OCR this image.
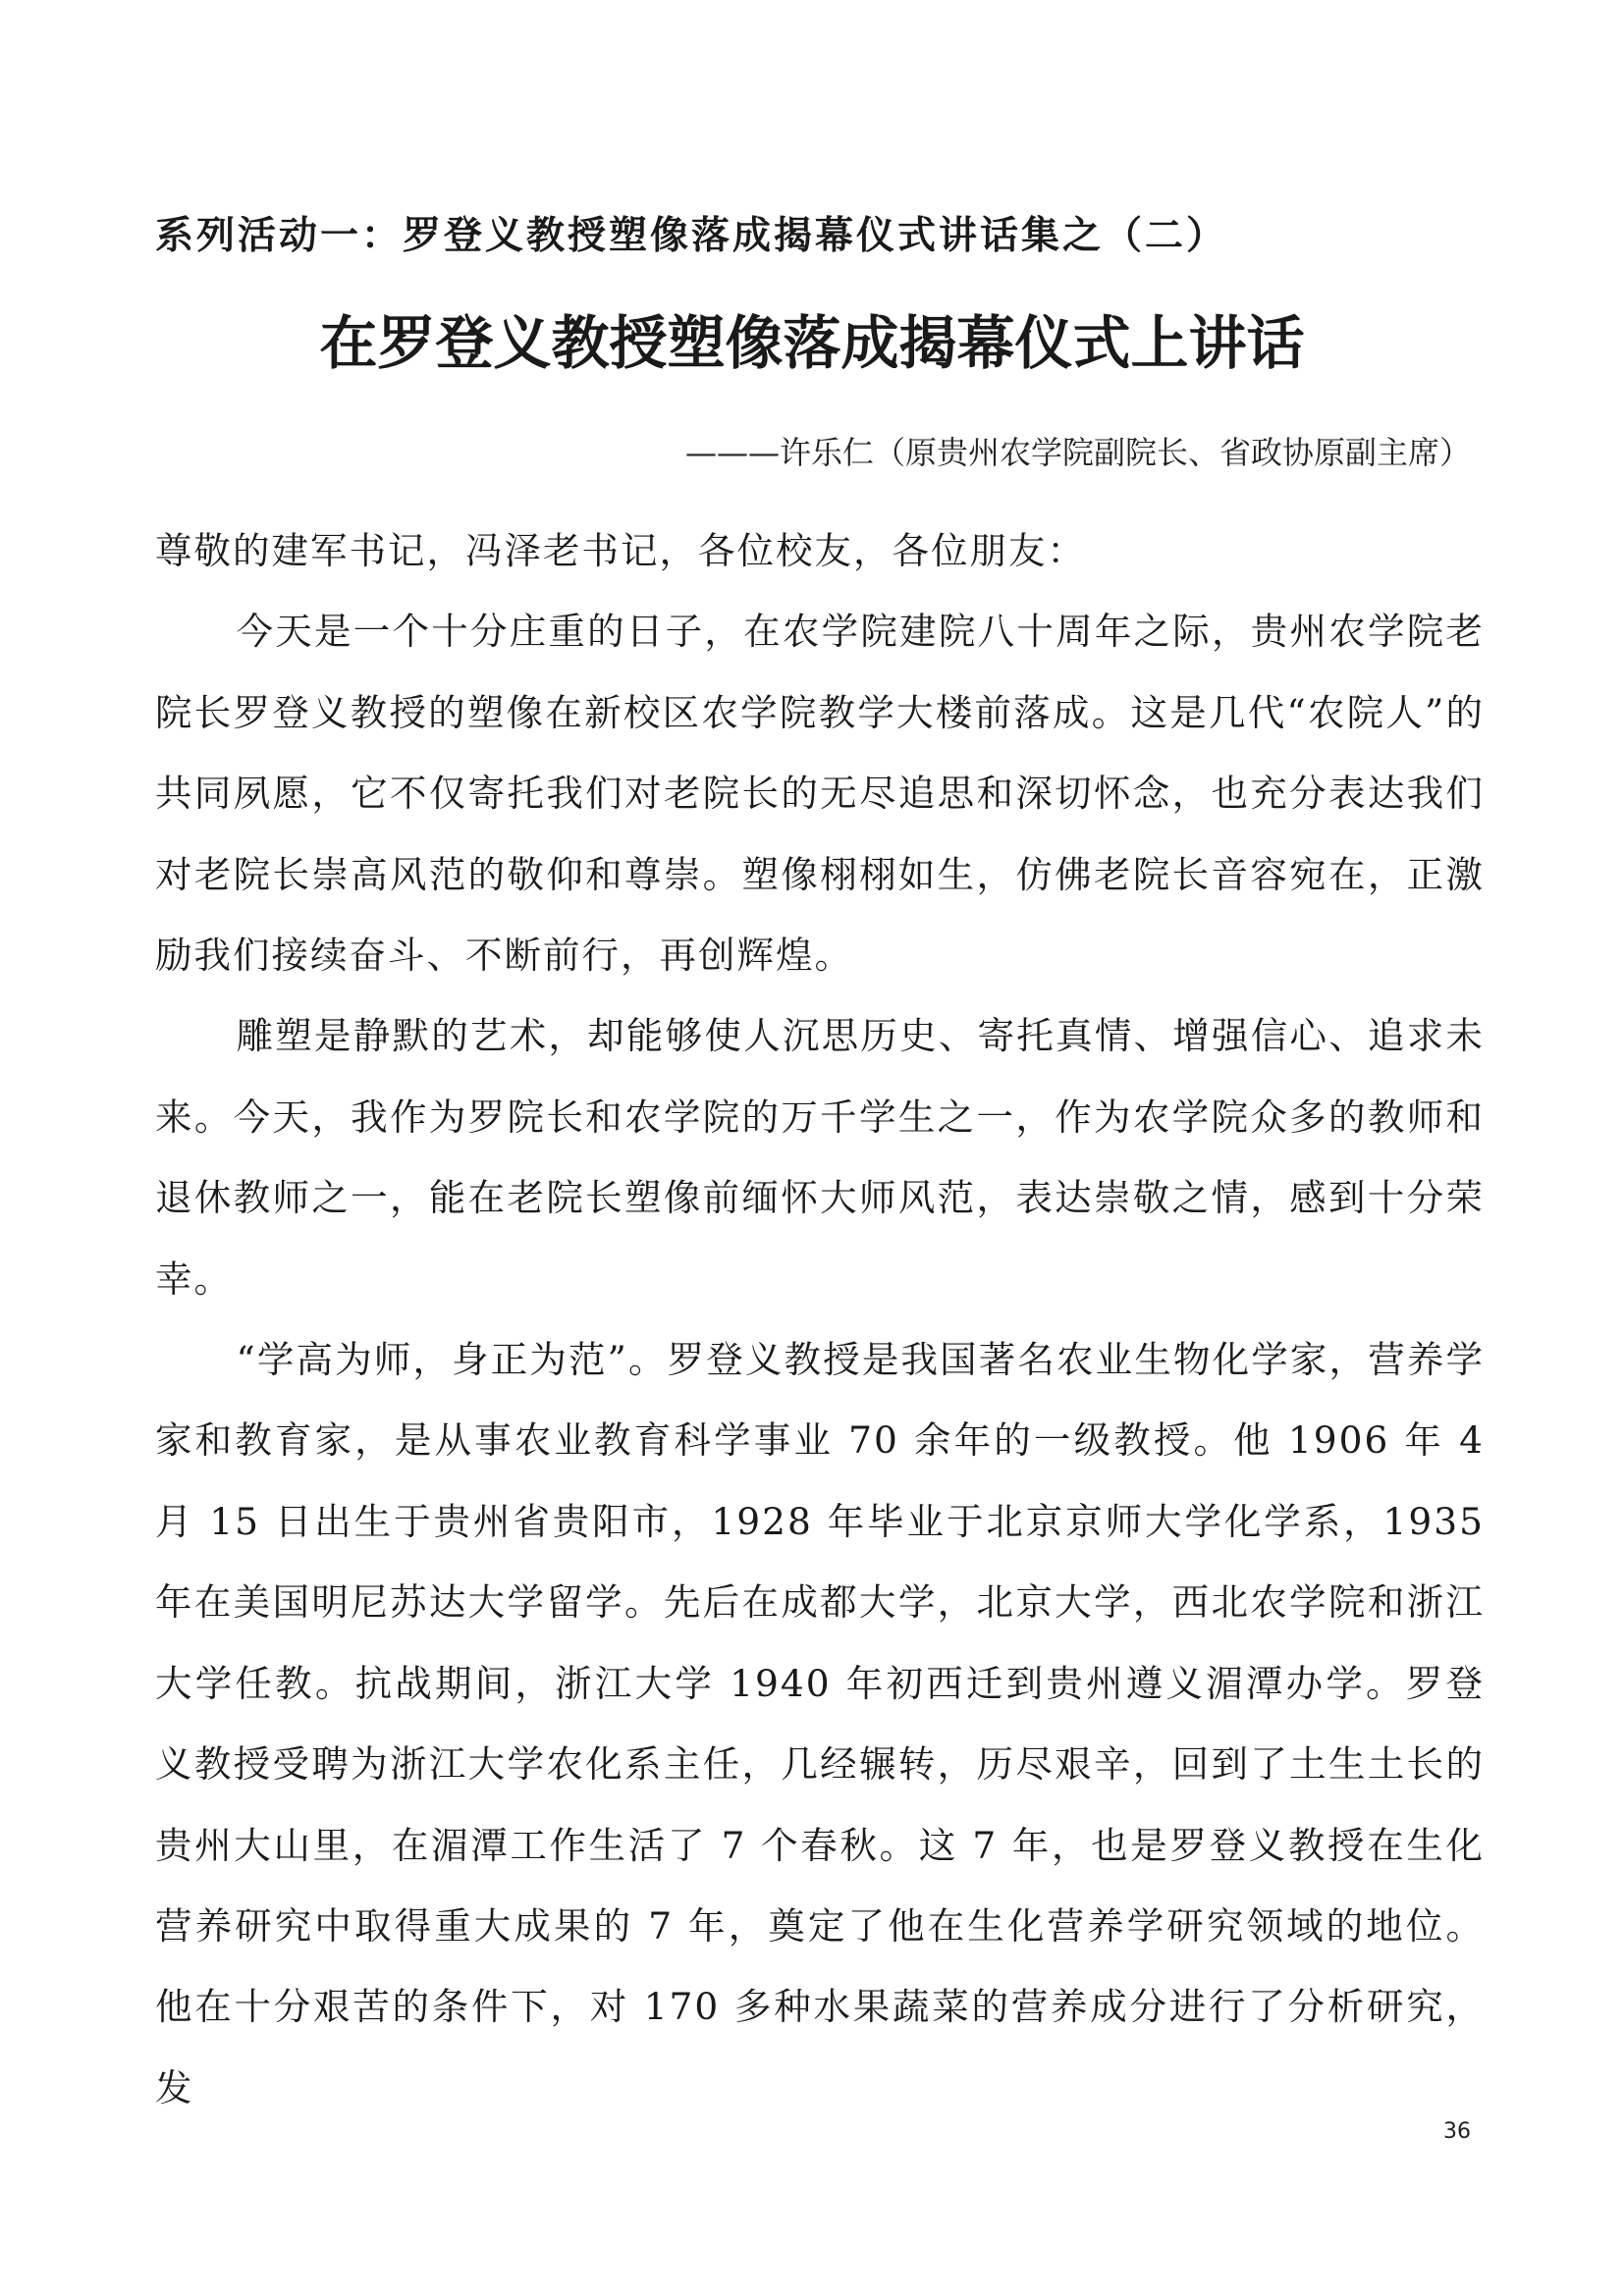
系列活动一：罗登义教授塑像落成揭幕仪式讲话集之（二）
在罗登义教授塑像落成揭幕仪式上讲话
———许乐仁（原贵州农学院副院长、省政协原副主席）

尊敬的建军书记，冯泽老书记，各位校友，各位朋友：

今天是一个十分庄重的日子，在农学院建院八十周年之际，贵州农学院老院长罗登义教授的塑像在新校区农学院教学大楼前落成。这是几代“农院人”的共同夙愿，它不仅寄托我们对老院长的无尽追思和深切怀念，也充分表达我们对老院长崇高风范的敬仰和尊崇。塑像栩栩如生，仿佛老院长音容宛在，正激励我们接续奋斗、不断前行，再创辉煌。

雕塑是静默的艺术，却能够使人沉思历史、寄托真情、增强信心、追求未来。今天，我作为罗院长和农学院的万千学生之一，作为农学院众多的教师和退休教师之一，能在老院长塑像前缅怀大师风范，表达崇敬之情，感到十分荣幸。

“学高为师，身正为范”。罗登义教授是我国著名农业生物化学家，营养学家和教育家，是从事农业教育科学事业 70 余年的一级教授。他 1906 年 4 月 15 日出生于贵州省贵阳市，1928 年毕业于北京京师大学化学系，1935 年在美国明尼苏达大学留学。先后在成都大学，北京大学，西北农学院和浙江大学任教。抗战期间，浙江大学 1940 年初西迁到贵州遵义湄潭办学。罗登义教授受聘为浙江大学农化系主任，几经辗转，历尽艰辛，回到了土生土长的贵州大山里，在湄潭工作生活了 7 个春秋。这 7 年，也是罗登义教授在生化营养研究中取得重大成果的 7 年，奠定了他在生化营养学研究领域的地位。他在十分艰苦的条件下，对 170 多种水果蔬菜的营养成分进行了分析研究，发

36
